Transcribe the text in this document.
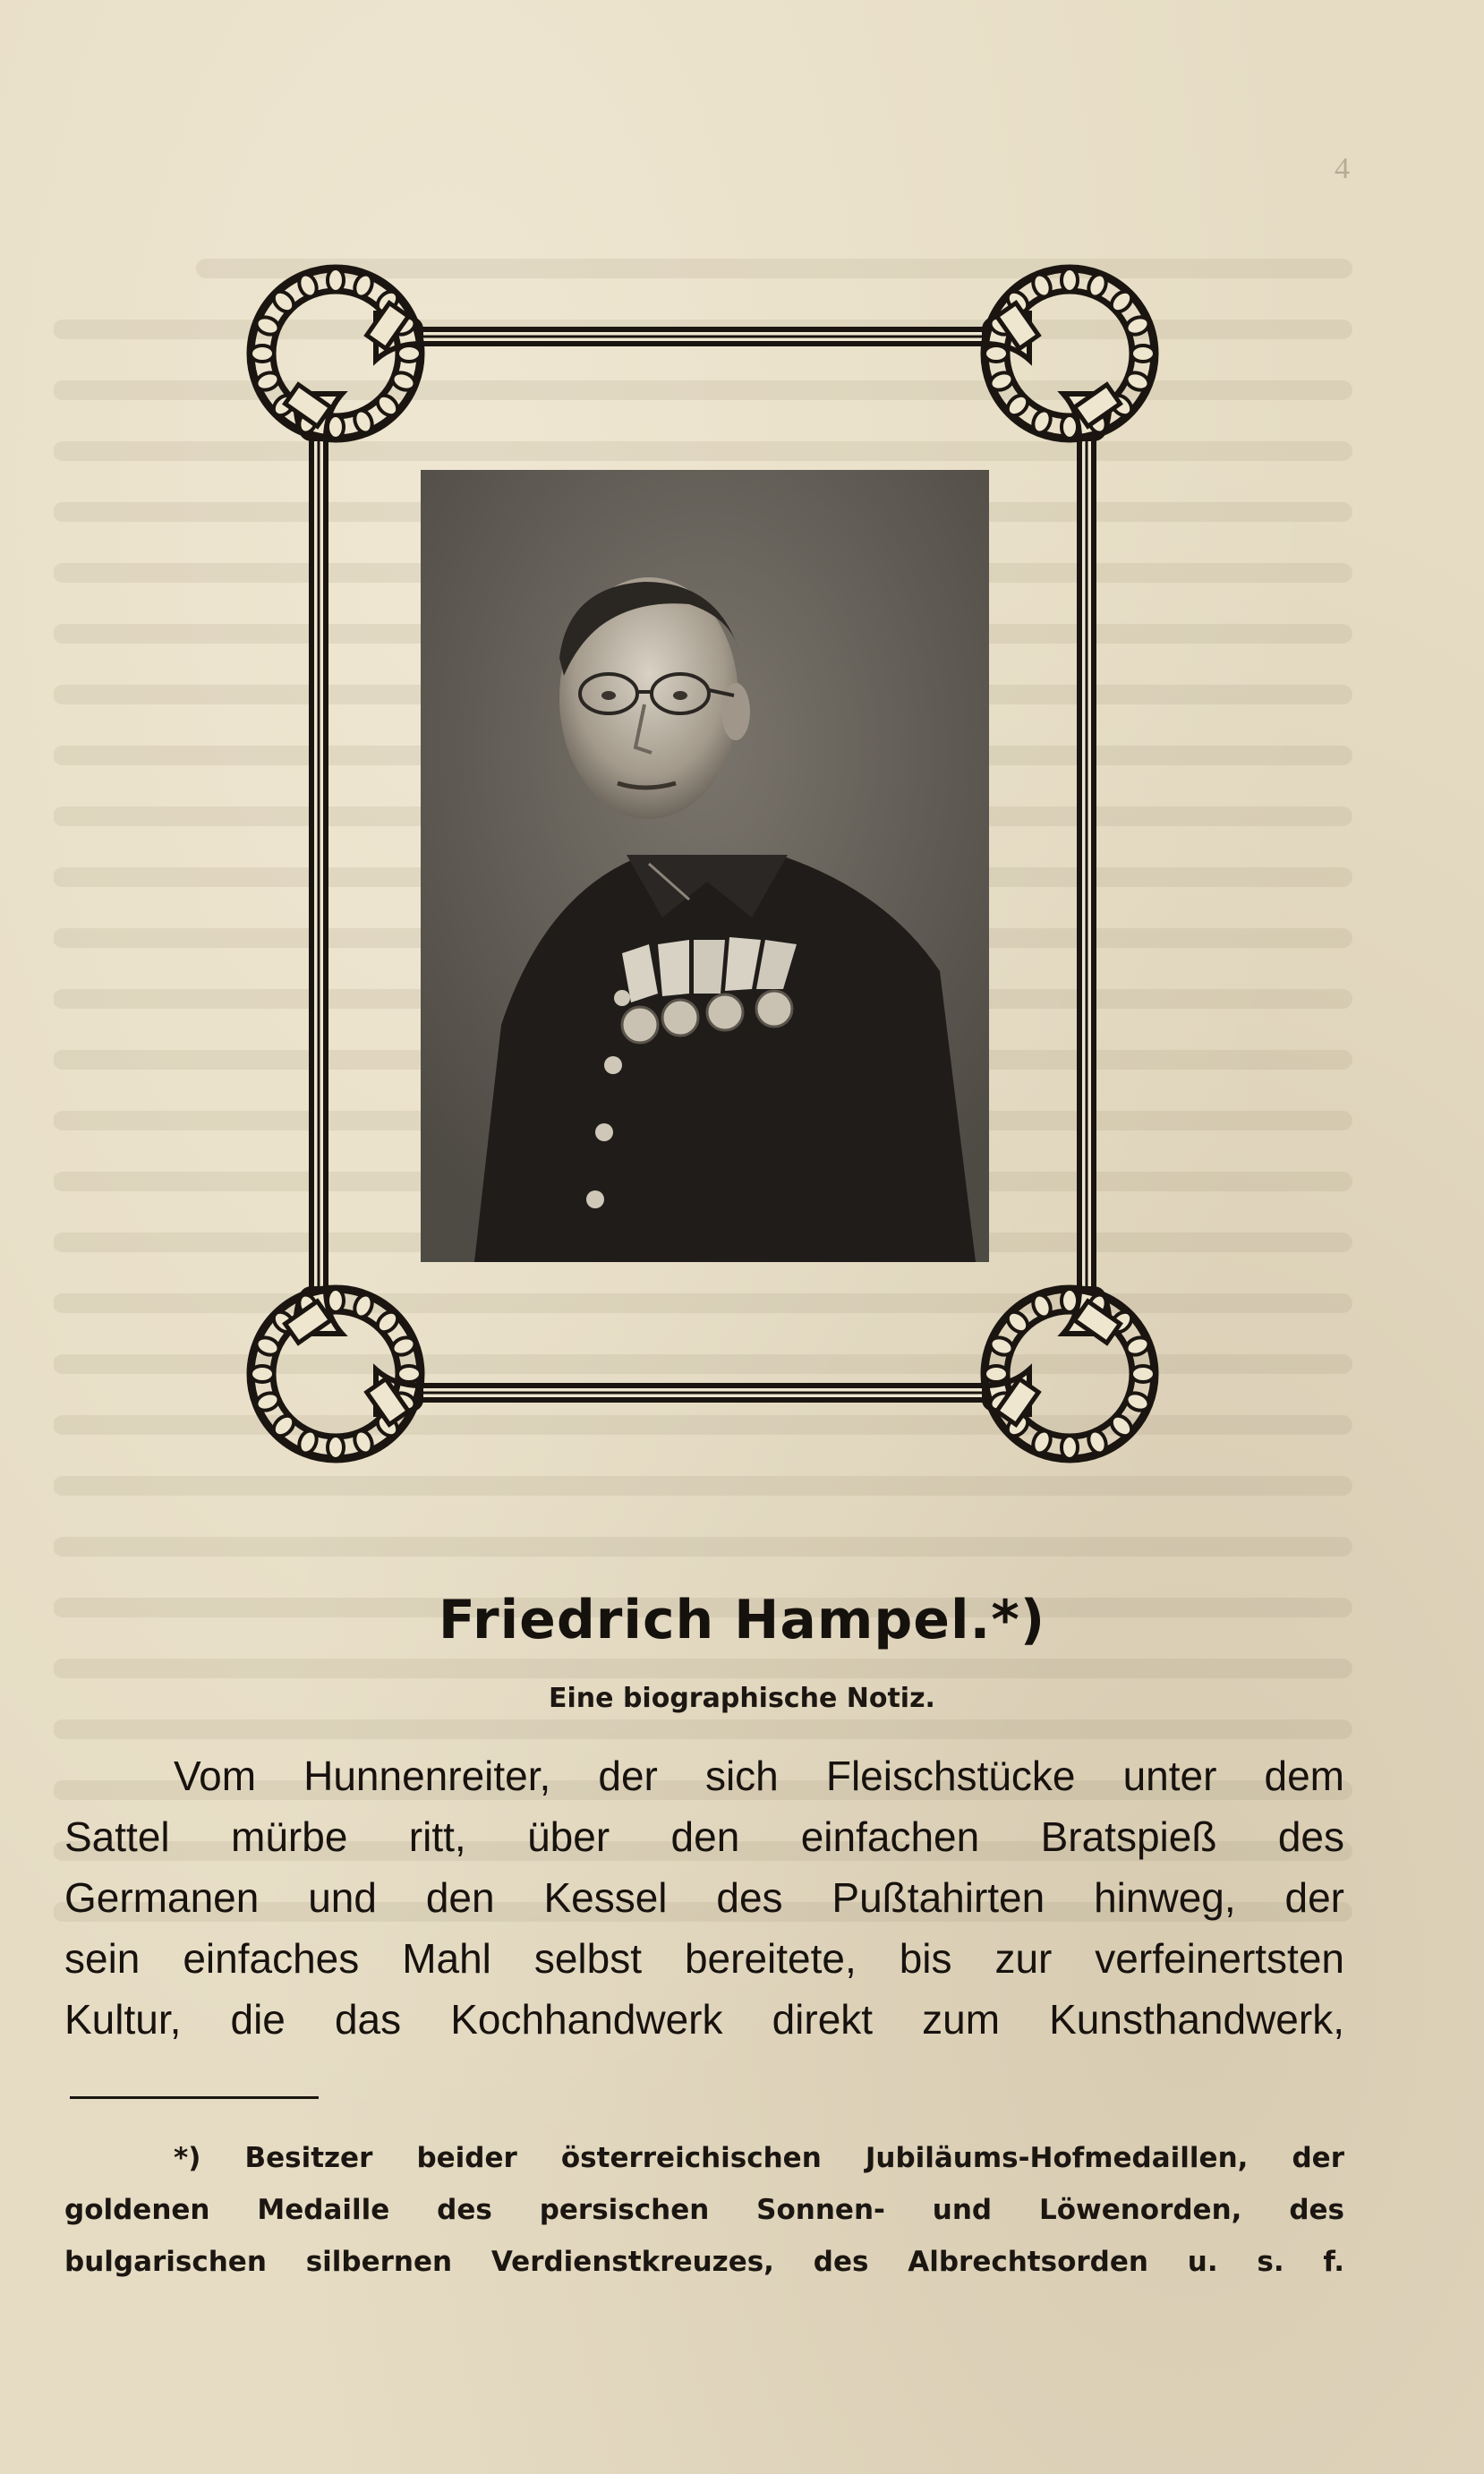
4
Friedrich Hampel.*)

Eine biographische Notiz.

Vom Hunnenreiter, der sich Fleischstücke unter dem
Sattel mürbe ritt, über den einfachen Bratspieß des
Germanen und den Kessel des Pußtahirten hinweg, der
sein einfaches Mahl selbst bereitete, bis zur verfeinertsten
Kultur, die das Kochhandwerk direkt zum Kunsthandwerk,

*) Besitzer beider österreichischen Jubiläums-Hofmedaillen, der
goldenen Medaille des persischen Sonnen- und Löwenorden, des
bulgarischen silbernen Verdienstkreuzes, des Albrechtsorden u. s. f.
